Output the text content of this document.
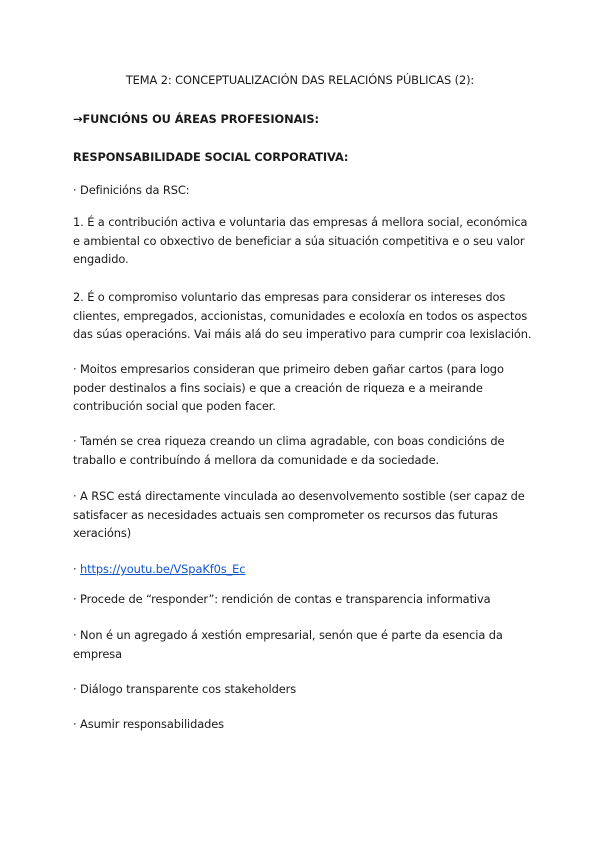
TEMA 2: CONCEPTUALIZACIÓN DAS RELACIÓNS PÚBLICAS (2):

→FUNCIÓNS OU ÁREAS PROFESIONAIS:

RESPONSABILIDADE SOCIAL CORPORATIVA:

· Definicións da RSC:

1. É a contribución activa e voluntaria das empresas á mellora social, económica e ambiental co obxectivo de beneficiar a súa situación competitiva e o seu valor engadido.

2. É o compromiso voluntario das empresas para considerar os intereses dos clientes, empregados, accionistas, comunidades e ecoloxía en todos os aspectos das súas operacións. Vai máis alá do seu imperativo para cumprir coa lexislación.

· Moitos empresarios consideran que primeiro deben gañar cartos (para logo poder destinalos a fins sociais) e que a creación de riqueza e a meirande contribución social que poden facer.

· Tamén se crea riqueza creando un clima agradable, con boas condicións de traballo e contribuíndo á mellora da comunidade e da sociedade.

· A RSC está directamente vinculada ao desenvolvemento sostible (ser capaz de satisfacer as necesidades actuais sen comprometer os recursos das futuras xeracións)

· https://youtu.be/VSpaKf0s_Ec

· Procede de “responder”: rendición de contas e transparencia informativa

· Non é un agregado á xestión empresarial, senón que é parte da esencia da empresa

· Diálogo transparente cos stakeholders

· Asumir responsabilidades
